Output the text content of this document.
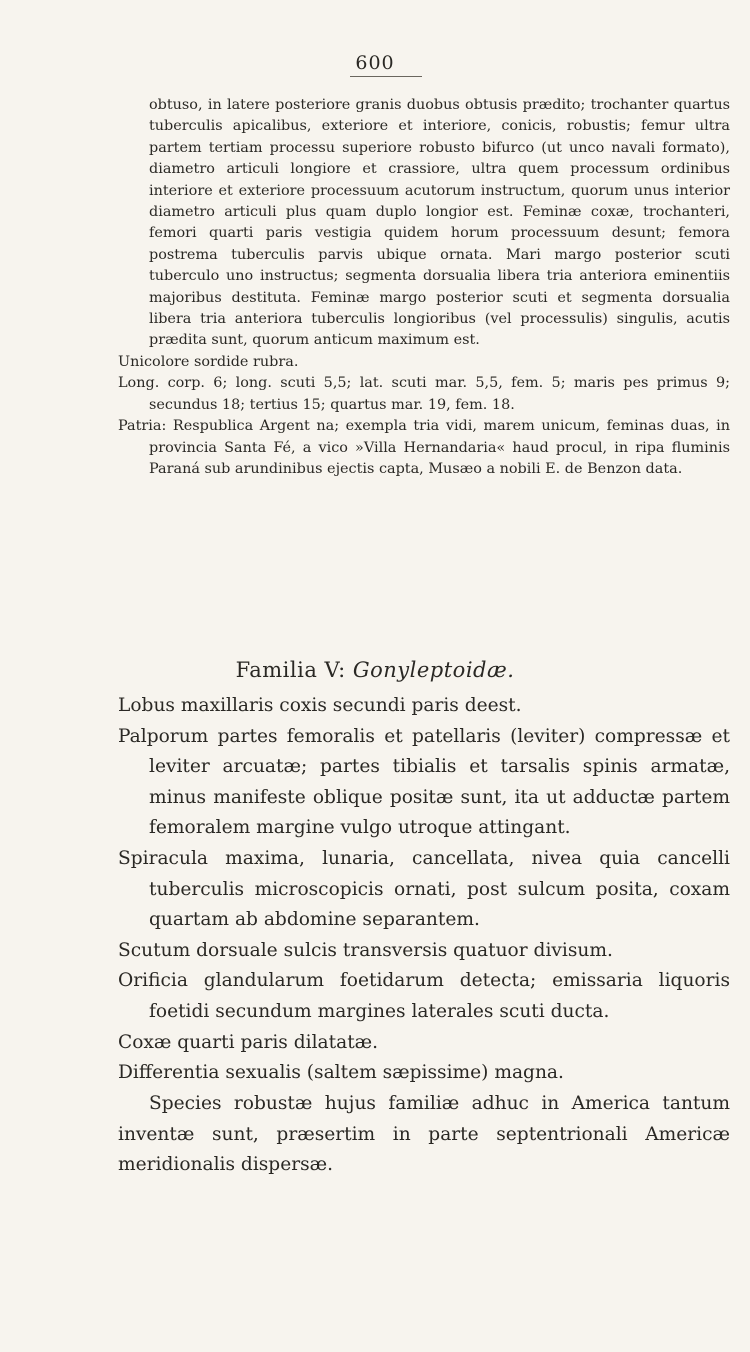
600

obtuso, in latere posteriore granis duobus obtusis prædito; trochanter quartus tuberculis apicalibus, exteriore et interiore, conicis, robustis; femur ultra partem tertiam processu superiore robusto bifurco (ut unco navali formato), diametro articuli longiore et crassiore, ultra quem processum ordinibus interiore et exteriore processuum acutorum instructum, quorum unus interior diametro articuli plus quam duplo longior est. Feminæ coxæ, trochanteri, femori quarti paris vestigia quidem horum processuum desunt; femora postrema tuberculis parvis ubique ornata. Mari margo posterior scuti tuberculo uno instructus; segmenta dorsualia libera tria anteriora eminentiis majoribus destituta. Feminæ margo posterior scuti et segmenta dorsualia libera tria anteriora tuberculis longioribus (vel processulis) singulis, acutis prædita sunt, quorum anticum maximum est.

Unicolore sordide rubra.

Long. corp. 6; long. scuti 5,5; lat. scuti mar. 5,5, fem. 5; maris pes primus 9; secundus 18; tertius 15; quartus mar. 19, fem. 18.

Patria: Respublica Argent na; exempla tria vidi, marem unicum, feminas duas, in provincia Santa Fé, a vico »Villa Hernandaria« haud procul, in ripa fluminis Paraná sub arundinibus ejectis capta, Musæo a nobili E. de Benzon data.

Familia V: Gonyleptoidæ.

Lobus maxillaris coxis secundi paris deest.

Palporum partes femoralis et patellaris (leviter) compressæ et leviter arcuatæ; partes tibialis et tarsalis spinis armatæ, minus manifeste oblique positæ sunt, ita ut adductæ partem femoralem margine vulgo utroque attingant.

Spiracula maxima, lunaria, cancellata, nivea quia cancelli tuberculis microscopicis ornati, post sulcum posita, coxam quartam ab abdomine separantem.

Scutum dorsuale sulcis transversis quatuor divisum.

Orificia glandularum foetidarum detecta; emissaria liquoris foetidi secundum margines laterales scuti ducta.

Coxæ quarti paris dilatatæ.

Differentia sexualis (saltem sæpissime) magna.

Species robustæ hujus familiæ adhuc in America tantum inventæ sunt, præsertim in parte septentrionali Americæ meridionalis dispersæ.
